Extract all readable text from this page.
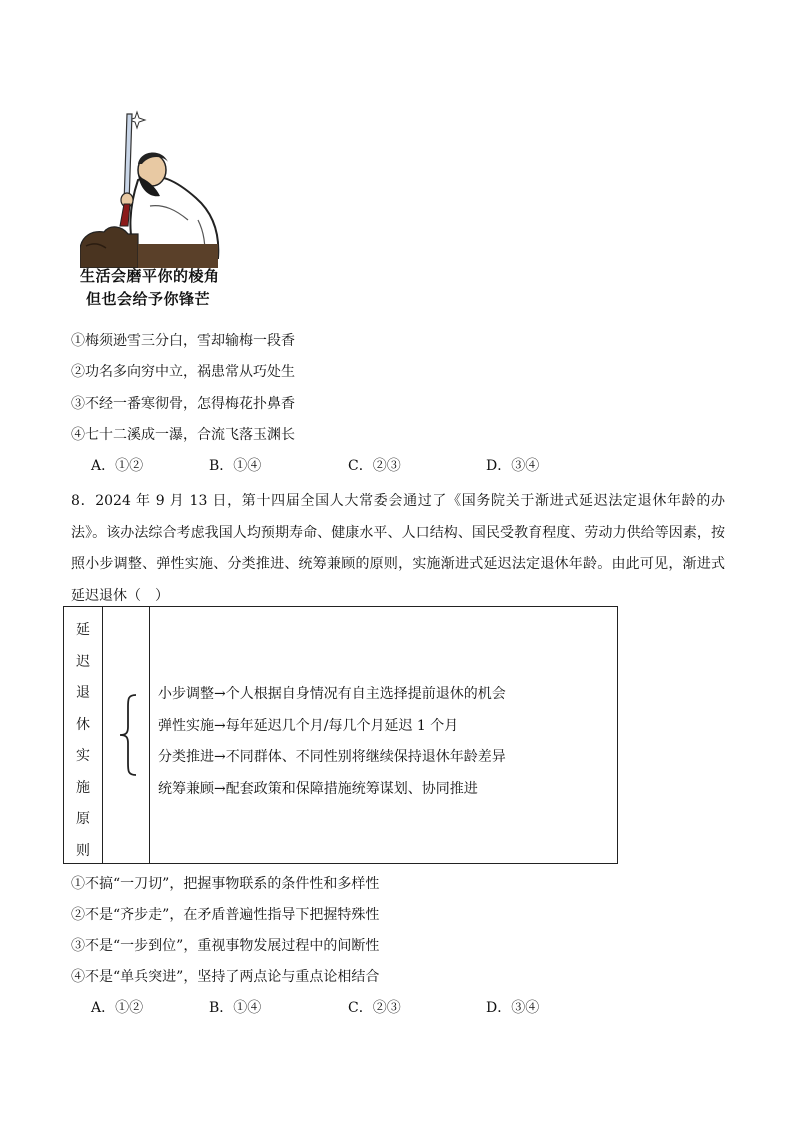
生活会磨平你的棱角
但也会给予你锋芒
①梅须逊雪三分白，雪却输梅一段香
②功名多向穷中立，祸患常从巧处生
③不经一番寒彻骨，怎得梅花扑鼻香
④七十二溪成一瀑，合流飞落玉渊长
A．①②	B．①④	C．②③	D．③④
8．2024 年 9 月 13 日，第十四届全国人大常委会通过了《国务院关于渐进式延迟法定退休年龄的办法》。该办法综合考虑我国人均预期寿命、健康水平、人口结构、国民受教育程度、劳动力供给等因素，按照小步调整、弹性实施、分类推进、统筹兼顾的原则，实施渐进式延迟法定退休年龄。由此可见，渐进式延迟退休（　）
延
迟
退
休
实
施
原
则
小步调整→个人根据自身情况有自主选择提前退休的机会
弹性实施→每年延迟几个月/每几个月延迟 1 个月
分类推进→不同群体、不同性别将继续保持退休年龄差异
统筹兼顾→配套政策和保障措施统筹谋划、协同推进
①不搞“一刀切”，把握事物联系的条件性和多样性
②不是“齐步走”，在矛盾普遍性指导下把握特殊性
③不是“一步到位”，重视事物发展过程中的间断性
④不是“单兵突进”，坚持了两点论与重点论相结合
A．①②	B．①④	C．②③	D．③④
